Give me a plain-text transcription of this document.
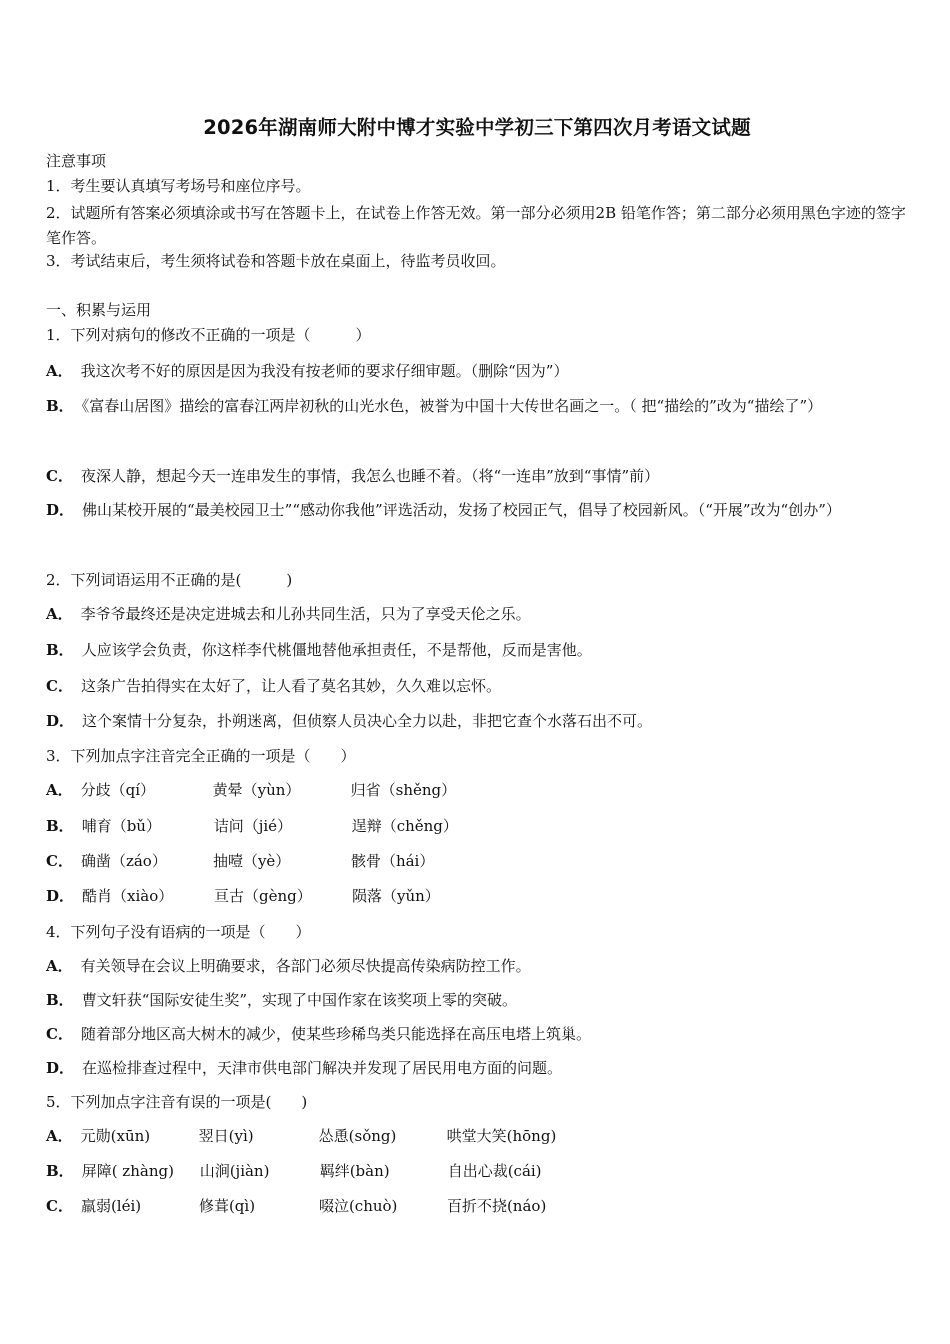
2026年湖南师大附中博才实验中学初三下第四次月考语文试题
注意事项
1．考生要认真填写考场号和座位序号。
2．试题所有答案必须填涂或书写在答题卡上，在试卷上作答无效。第一部分必须用2B 铅笔作答；第二部分必须用黑色字迹的签字笔作答。
3．考试结束后，考生须将试卷和答题卡放在桌面上，待监考员收回。
一、积累与运用
1．下列对病句的修改不正确的一项是（　　　）
A． 我这次考不好的原因是因为我没有按老师的要求仔细审题。（删除“因为”）
B． 《富春山居图》描绘的富春江两岸初秋的山光水色，被誉为中国十大传世名画之一。（ 把“描绘的”改为“描绘了”）
C． 夜深人静，想起今天一连串发生的事情，我怎么也睡不着。（将“一连串”放到“事情”前）
D． 佛山某校开展的“最美校园卫士”“感动你我他”评选活动，发扬了校园正气，倡导了校园新风。（“开展”改为“创办”）
2．下列词语运用不正确的是(　　　)
A． 李爷爷最终还是决定进城去和儿孙共同生活，只为了享受天伦之乐。
B． 人应该学会负责，你这样李代桃僵地替他承担责任，不是帮他，反而是害他。
C． 这条广告拍得实在太好了，让人看了莫名其妙，久久难以忘怀。
D． 这个案情十分复杂，扑朔迷离，但侦察人员决心全力以赴，非把它查个水落石出不可。
3．下列加点字注音完全正确的一项是（　　）
A． 分歧（qí）	黄晕（yùn）	归省（shěng）
B． 哺育（bǔ）	诘问（jié）	逞辩（chěng）
C． 确凿（záo）	抽噎（yè）	骸骨（hái）
D． 酷肖（xiào）	亘古（gèng）	陨落（yǔn）
4．下列句子没有语病的一项是（　　）
A． 有关领导在会议上明确要求，各部门必须尽快提高传染病防控工作。
B． 曹文轩获“国际安徒生奖”，实现了中国作家在该奖项上零的突破。
C． 随着部分地区高大树木的减少，使某些珍稀鸟类只能选择在高压电塔上筑巢。
D． 在巡检排查过程中，天津市供电部门解决并发现了居民用电方面的问题。
5．下列加点字注音有误的一项是(　　)
A． 元勋(xūn)	翌日(yì)	怂恿(sǒng)	哄堂大笑(hōng)
B． 屏障( zhàng) 山涧(jiàn)	羁绊(bàn)	自出心裁(cái)
C． 羸弱(léi)	修葺(qì)	啜泣(chuò)	百折不挠(náo)
